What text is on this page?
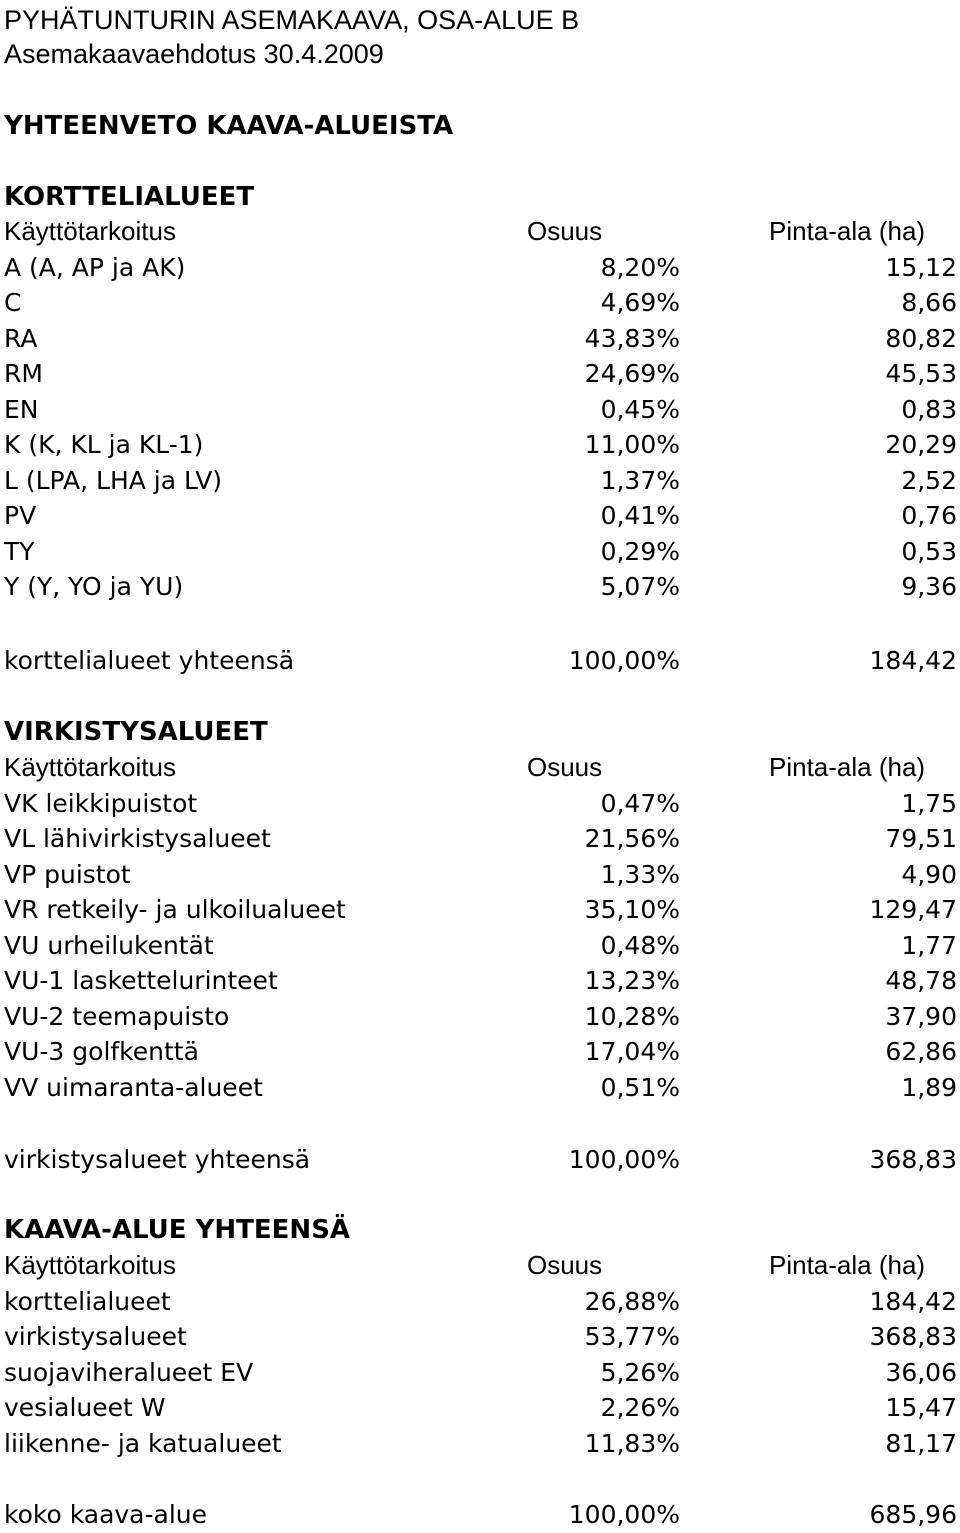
PYHÄTUNTURIN ASEMAKAAVA, OSA-ALUE B
Asemakaavaehdotus 30.4.2009
YHTEENVETO KAAVA-ALUEISTA
KORTTELIALUEET
Käyttötarkoitus	Osuus	Pinta-ala (ha)
A (A, AP ja AK)	8,20%	15,12
C	4,69%	8,66
RA	43,83%	80,82
RM	24,69%	45,53
EN	0,45%	0,83
K (K, KL ja KL-1)	11,00%	20,29
L (LPA, LHA ja LV)	1,37%	2,52
PV	0,41%	0,76
TY	0,29%	0,53
Y (Y, YO ja YU)	5,07%	9,36
korttelialueet yhteensä	100,00%	184,42
VIRKISTYSALUEET
Käyttötarkoitus	Osuus	Pinta-ala (ha)
VK leikkipuistot	0,47%	1,75
VL lähivirkistysalueet	21,56%	79,51
VP puistot	1,33%	4,90
VR retkeily- ja ulkoilualueet	35,10%	129,47
VU urheilukentät	0,48%	1,77
VU-1 laskettelurinteet	13,23%	48,78
VU-2 teemapuisto	10,28%	37,90
VU-3 golfkenttä	17,04%	62,86
VV uimaranta-alueet	0,51%	1,89
virkistysalueet yhteensä	100,00%	368,83
KAAVA-ALUE YHTEENSÄ
Käyttötarkoitus	Osuus	Pinta-ala (ha)
korttelialueet	26,88%	184,42
virkistysalueet	53,77%	368,83
suojaviheralueet EV	5,26%	36,06
vesialueet W	2,26%	15,47
liikenne- ja katualueet	11,83%	81,17
koko kaava-alue	100,00%	685,96
